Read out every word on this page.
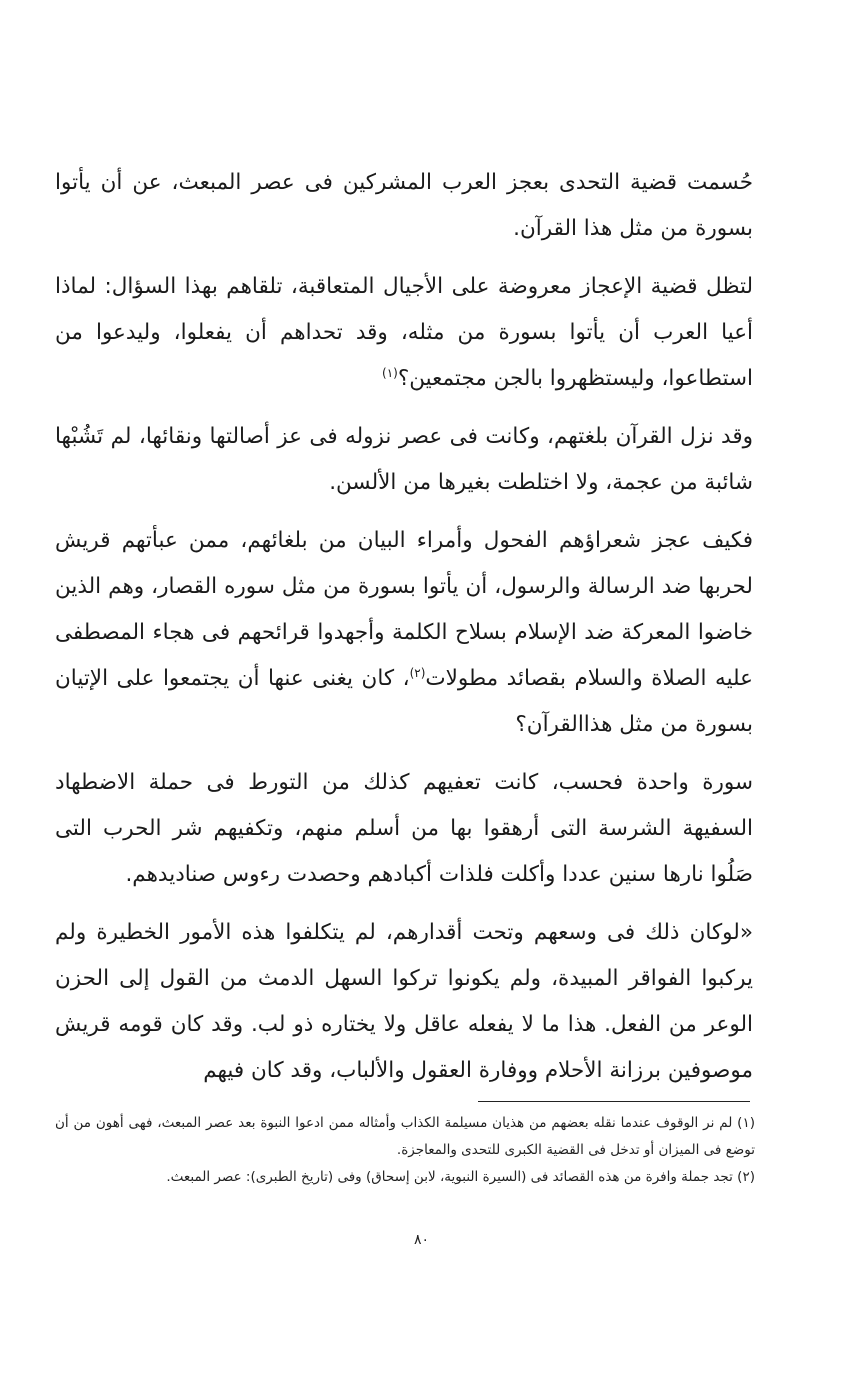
حُسمت قضية التحدى بعجز العرب المشركين فى عصر المبعث، عن أن يأتوا بسورة من مثل هذا القرآن.

لتظل قضية الإعجاز معروضة على الأجيال المتعاقبة، تلقاهم بهذا السؤال: لماذا أعيا العرب أن يأتوا بسورة من مثله، وقد تحداهم أن يفعلوا، وليدعوا من استطاعوا، وليستظهروا بالجن مجتمعين؟$^{(١)}$

وقد نزل القرآن بلغتهم، وكانت فى عصر نزوله فى عز أصالتها ونقائها، لم تَشُبْها شائبة من عجمة، ولا اختلطت بغيرها من الألسن.

فكيف عجز شعراؤهم الفحول وأمراء البيان من بلغائهم، ممن عبأتهم قريش لحربها ضد الرسالة والرسول، أن يأتوا بسورة من مثل سوره القصار، وهم الذين خاضوا المعركة ضد الإسلام بسلاح الكلمة وأجهدوا قرائحهم فى هجاء المصطفى عليه الصلاة والسلام بقصائد مطولات$^{(٢)}$، كان يغنى عنها أن يجتمعوا على الإتيان بسورة من مثل هذاالقرآن؟

سورة واحدة فحسب، كانت تعفيهم كذلك من التورط فى حملة الاضطهاد السفيهة الشرسة التى أرهقوا بها من أسلم منهم، وتكفيهم شر الحرب التى صَلُوا نارها سنين عددا وأكلت فلذات أكبادهم وحصدت رءوس صناديدهم.

«لوكان ذلك فى وسعهم وتحت أقدارهم، لم يتكلفوا هذه الأمور الخطيرة ولم يركبوا الفواقر المبيدة، ولم يكونوا تركوا السهل الدمث من القول إلى الحزن الوعر من الفعل. هذا ما لا يفعله عاقل ولا يختاره ذو لب. وقد كان قومه قريش موصوفين برزانة الأحلام ووفارة العقول والألباب، وقد كان فيهم

(١) لم نر الوقوف عندما نقله بعضهم من هذيان مسيلمة الكذاب وأمثاله ممن ادعوا النبوة بعد عصر المبعث، فهى أهون من أن توضع فى الميزان أو تدخل فى القضية الكبرى للتحدى والمعاجزة.

(٢) تجد جملة وافرة من هذه القصائد فى (السيرة النبوية، لابن إسحاق) وفى (تاريخ الطبرى): عصر المبعث.

٨٠
